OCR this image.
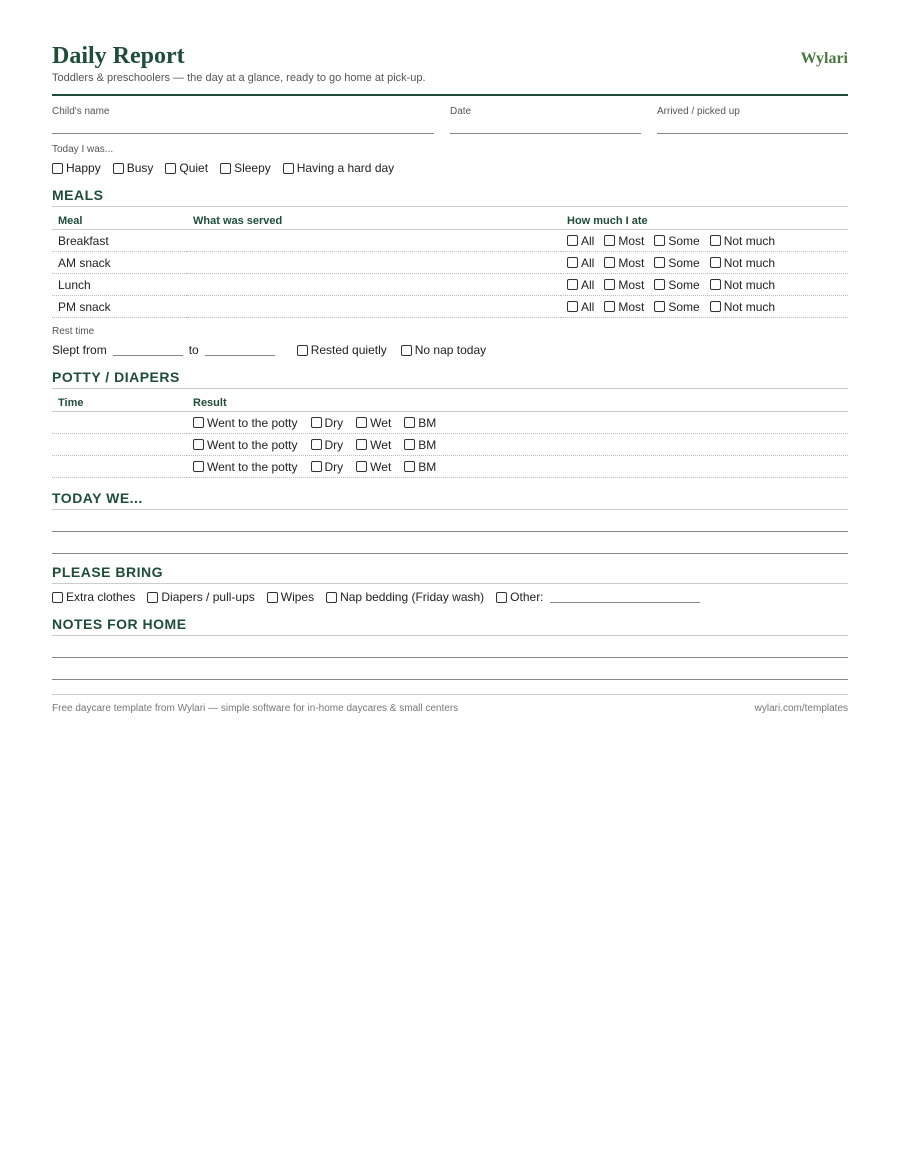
Daily Report
Toddlers & preschoolers — the day at a glance, ready to go home at pick-up.
Wylari
Child's name	Date	Arrived / picked up
Today I was...
Happy Busy Quiet Sleepy Having a hard day
MEALS
Meal	What was served	How much I ate
Breakfast		All Most Some Not much

AM snack		All Most Some Not much

Lunch		All Most Some Not much

PM snack		All Most Some Not much
Rest time
Slept from	to	Rested quietly No nap today
POTTY / DIAPERS
Time	Result

	Went to the potty Dry Wet BM

	Went to the potty Dry Wet BM

	Went to the potty Dry Wet BM
TODAY WE...
PLEASE BRING
Extra clothes Diapers / pull-ups Wipes Nap bedding (Friday wash) Other:
NOTES FOR HOME
Free daycare template from Wylari — simple software for in-home daycares & small centers	wylari.com/templates
